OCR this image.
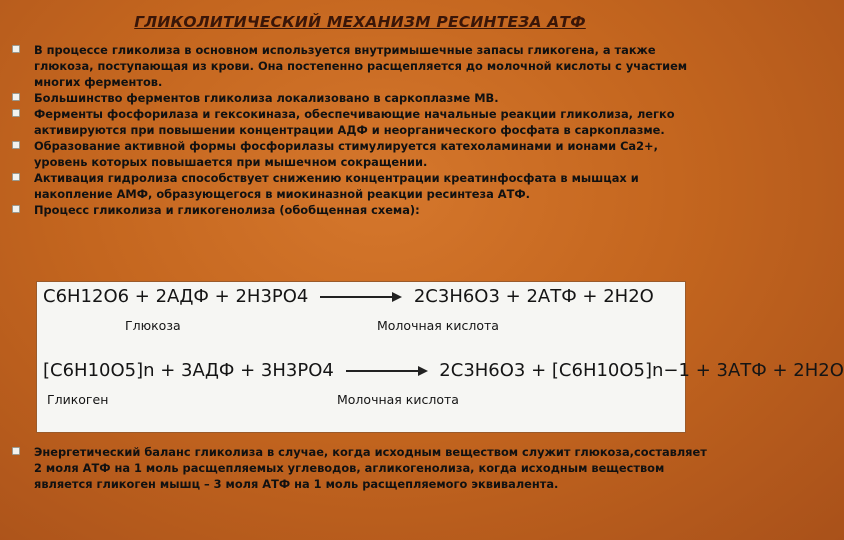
ГЛИКОЛИТИЧЕСКИЙ МЕХАНИЗМ РЕСИНТЕЗА АТФ
В процессе гликолиза в основном используется внутримышечные запасы гликогена, а также глюкоза, поступающая из крови. Она постепенно расщепляется до молочной кислоты с участием многих ферментов.
Большинство ферментов гликолиза локализовано в саркоплазме МВ.
Ферменты фосфорилаза и гексокиназа, обеспечивающие начальные реакции гликолиза, легко активируются при повышении концентрации АДФ и неорганического фосфата в саркоплазме.
Образование активной формы фосфорилазы стимулируется катехоламинами и ионами Са2+, уровень которых повышается при мышечном сокращении.
Активация гидролиза способствует снижению концентрации креатинфосфата в мышцах и накопление АМФ, образующегося в миокиназной реакции ресинтеза АТФ.
Процесс гликолиза и гликогенолиза (обобщенная схема):
C6H12O6 + 2АДФ + 2H3PO4	2C3H6O3 + 2АТФ + 2H2O
Глюкоза	Молочная кислота
[C6H10O5]n + 3АДФ + 3H3PO4	2C3H6O3 + [C6H10O5]n−1 + 3АТФ + 2H2O
Гликоген	Молочная кислота
Энергетический баланс гликолиза в случае, когда исходным веществом служит глюкоза,составляет 2 моля АТФ на 1 моль расщепляемых углеводов, агликогенолиза, когда исходным веществом является гликоген мышц – 3 моля АТФ на 1 моль расщепляемого эквивалента.
